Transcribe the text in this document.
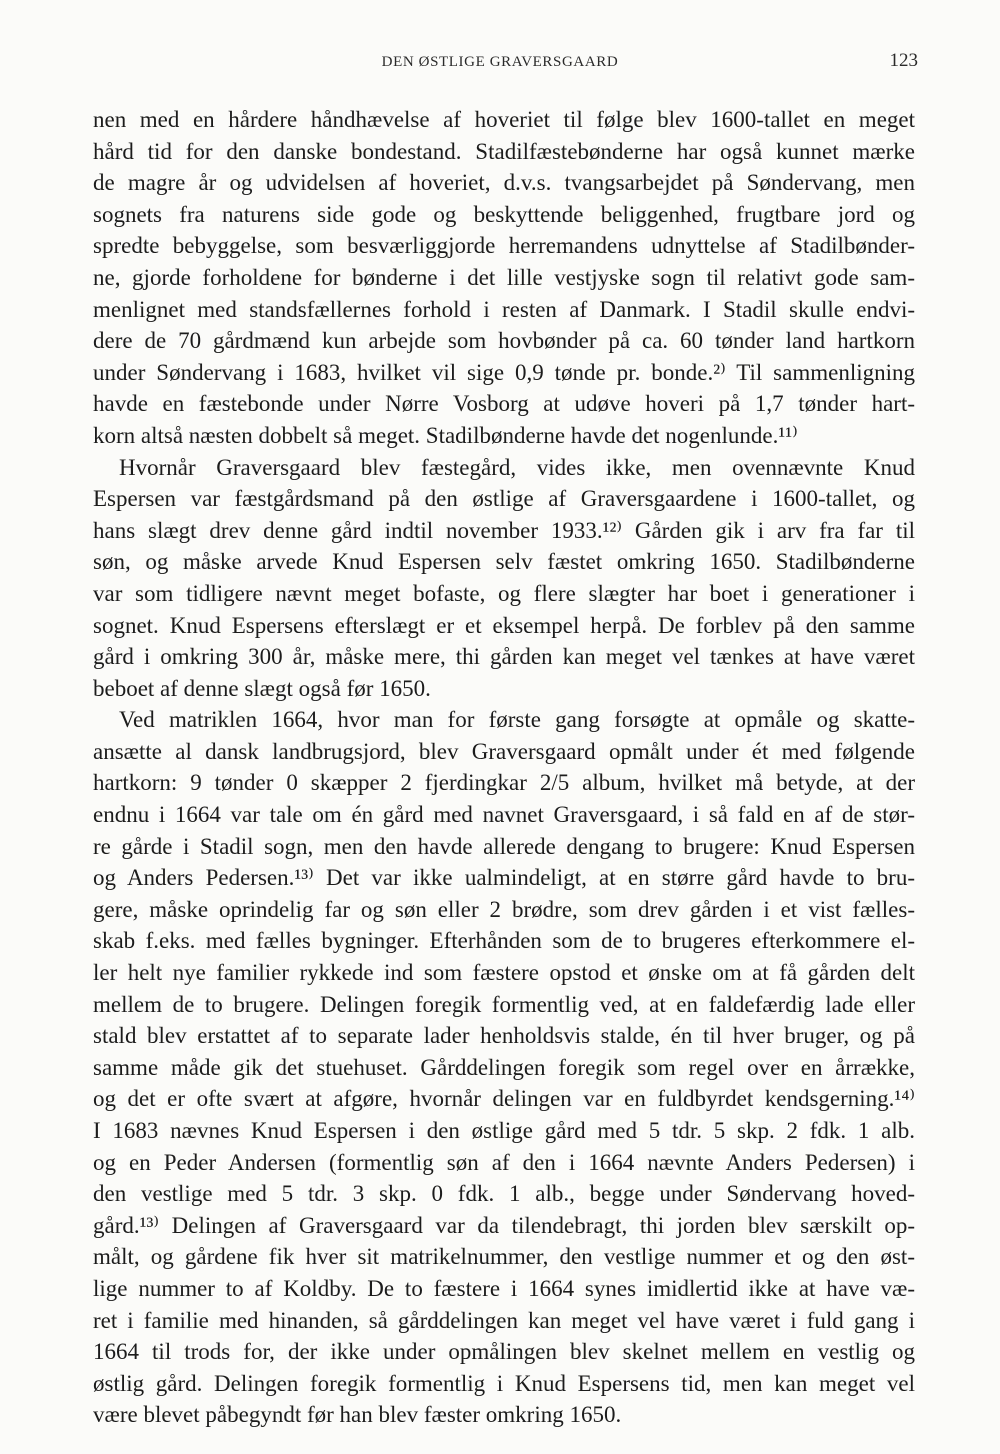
DEN ØSTLIGE GRAVERSGAARD	123
nen med en hårdere håndhævelse af hoveriet til følge blev 1600-tallet en meget
hård tid for den danske bondestand. Stadilfæstebønderne har også kunnet mærke
de magre år og udvidelsen af hoveriet, d.v.s. tvangsarbejdet på Søndervang, men
sognets fra naturens side gode og beskyttende beliggenhed, frugtbare jord og
spredte bebyggelse, som besværliggjorde herremandens udnyttelse af Stadilbønder-
ne, gjorde forholdene for bønderne i det lille vestjyske sogn til relativt gode sam-
menlignet med standsfællernes forhold i resten af Danmark. I Stadil skulle endvi-
dere de 70 gårdmænd kun arbejde som hovbønder på ca. 60 tønder land hartkorn
under Søndervang i 1683, hvilket vil sige 0,9 tønde pr. bonde.²⁾ Til sammenligning
havde en fæstebonde under Nørre Vosborg at udøve hoveri på 1,7 tønder hart-
korn altså næsten dobbelt så meget. Stadilbønderne havde det nogenlunde.¹¹⁾
Hvornår Graversgaard blev fæstegård, vides ikke, men ovennævnte Knud
Espersen var fæstgårdsmand på den østlige af Graversgaardene i 1600-tallet, og
hans slægt drev denne gård indtil november 1933.¹²⁾ Gården gik i arv fra far til
søn, og måske arvede Knud Espersen selv fæstet omkring 1650. Stadilbønderne
var som tidligere nævnt meget bofaste, og flere slægter har boet i generationer i
sognet. Knud Espersens efterslægt er et eksempel herpå. De forblev på den samme
gård i omkring 300 år, måske mere, thi gården kan meget vel tænkes at have været
beboet af denne slægt også før 1650.
Ved matriklen 1664, hvor man for første gang forsøgte at opmåle og skatte-
ansætte al dansk landbrugsjord, blev Graversgaard opmålt under ét med følgende
hartkorn: 9 tønder 0 skæpper 2 fjerdingkar 2/5 album, hvilket må betyde, at der
endnu i 1664 var tale om én gård med navnet Graversgaard, i så fald en af de stør-
re gårde i Stadil sogn, men den havde allerede dengang to brugere: Knud Espersen
og Anders Pedersen.¹³⁾ Det var ikke ualmindeligt, at en større gård havde to bru-
gere, måske oprindelig far og søn eller 2 brødre, som drev gården i et vist fælles-
skab f.eks. med fælles bygninger. Efterhånden som de to brugeres efterkommere el-
ler helt nye familier rykkede ind som fæstere opstod et ønske om at få gården delt
mellem de to brugere. Delingen foregik formentlig ved, at en faldefærdig lade eller
stald blev erstattet af to separate lader henholdsvis stalde, én til hver bruger, og på
samme måde gik det stuehuset. Gårddelingen foregik som regel over en årrække,
og det er ofte svært at afgøre, hvornår delingen var en fuldbyrdet kendsgerning.¹⁴⁾
I 1683 nævnes Knud Espersen i den østlige gård med 5 tdr. 5 skp. 2 fdk. 1 alb.
og en Peder Andersen (formentlig søn af den i 1664 nævnte Anders Pedersen) i
den vestlige med 5 tdr. 3 skp. 0 fdk. 1 alb., begge under Søndervang hoved-
gård.¹³⁾ Delingen af Graversgaard var da tilendebragt, thi jorden blev særskilt op-
målt, og gårdene fik hver sit matrikelnummer, den vestlige nummer et og den øst-
lige nummer to af Koldby. De to fæstere i 1664 synes imidlertid ikke at have væ-
ret i familie med hinanden, så gårddelingen kan meget vel have været i fuld gang i
1664 til trods for, der ikke under opmålingen blev skelnet mellem en vestlig og
østlig gård. Delingen foregik formentlig i Knud Espersens tid, men kan meget vel
være blevet påbegyndt før han blev fæster omkring 1650.
